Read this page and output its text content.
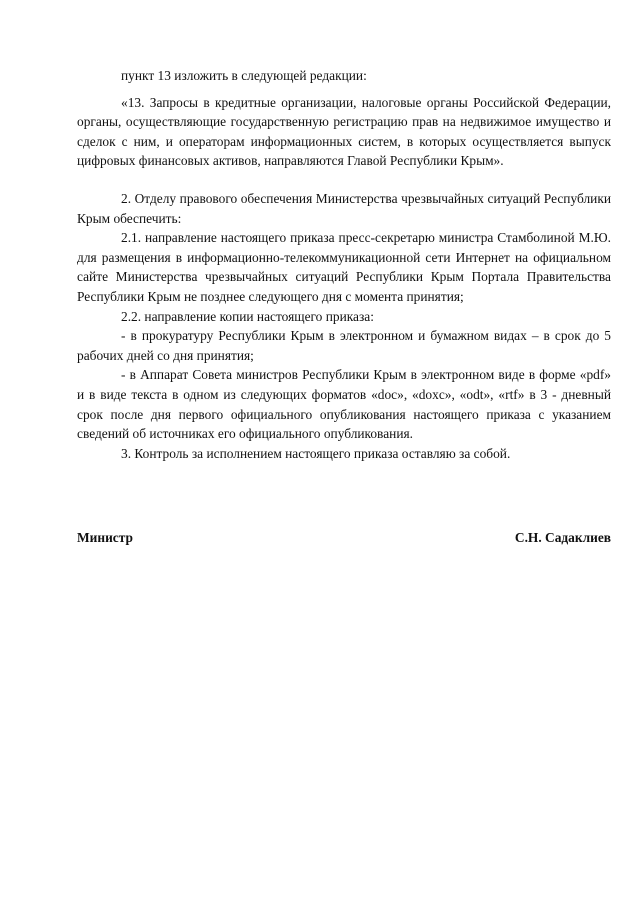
пункт 13 изложить в следующей редакции:

«13. Запросы в кредитные организации, налоговые органы Российской Федерации, органы, осуществляющие государственную регистрацию прав на недвижимое имущество и сделок с ним, и операторам информационных систем, в которых осуществляется выпуск цифровых финансовых активов, направляются Главой Республики Крым».

2. Отделу правового обеспечения Министерства чрезвычайных ситуаций Республики Крым обеспечить:

2.1. направление настоящего приказа пресс-секретарю министра Стамболиной М.Ю. для размещения в информационно-телекоммуникационной сети Интернет на официальном сайте Министерства чрезвычайных ситуаций Республики Крым Портала Правительства Республики Крым не позднее следующего дня с момента принятия;

2.2. направление копии настоящего приказа:

- в прокуратуру Республики Крым в электронном и бумажном видах – в срок до 5 рабочих дней со дня принятия;

- в Аппарат Совета министров Республики Крым в электронном виде в форме «pdf» и в виде текста в одном из следующих форматов «doc», «doxc», «odt», «rtf» в 3 - дневный срок после дня первого официального опубликования настоящего приказа с указанием сведений об источниках его официального опубликования.

3. Контроль за исполнением настоящего приказа оставляю за собой.

Министр	С.Н. Садаклиев
